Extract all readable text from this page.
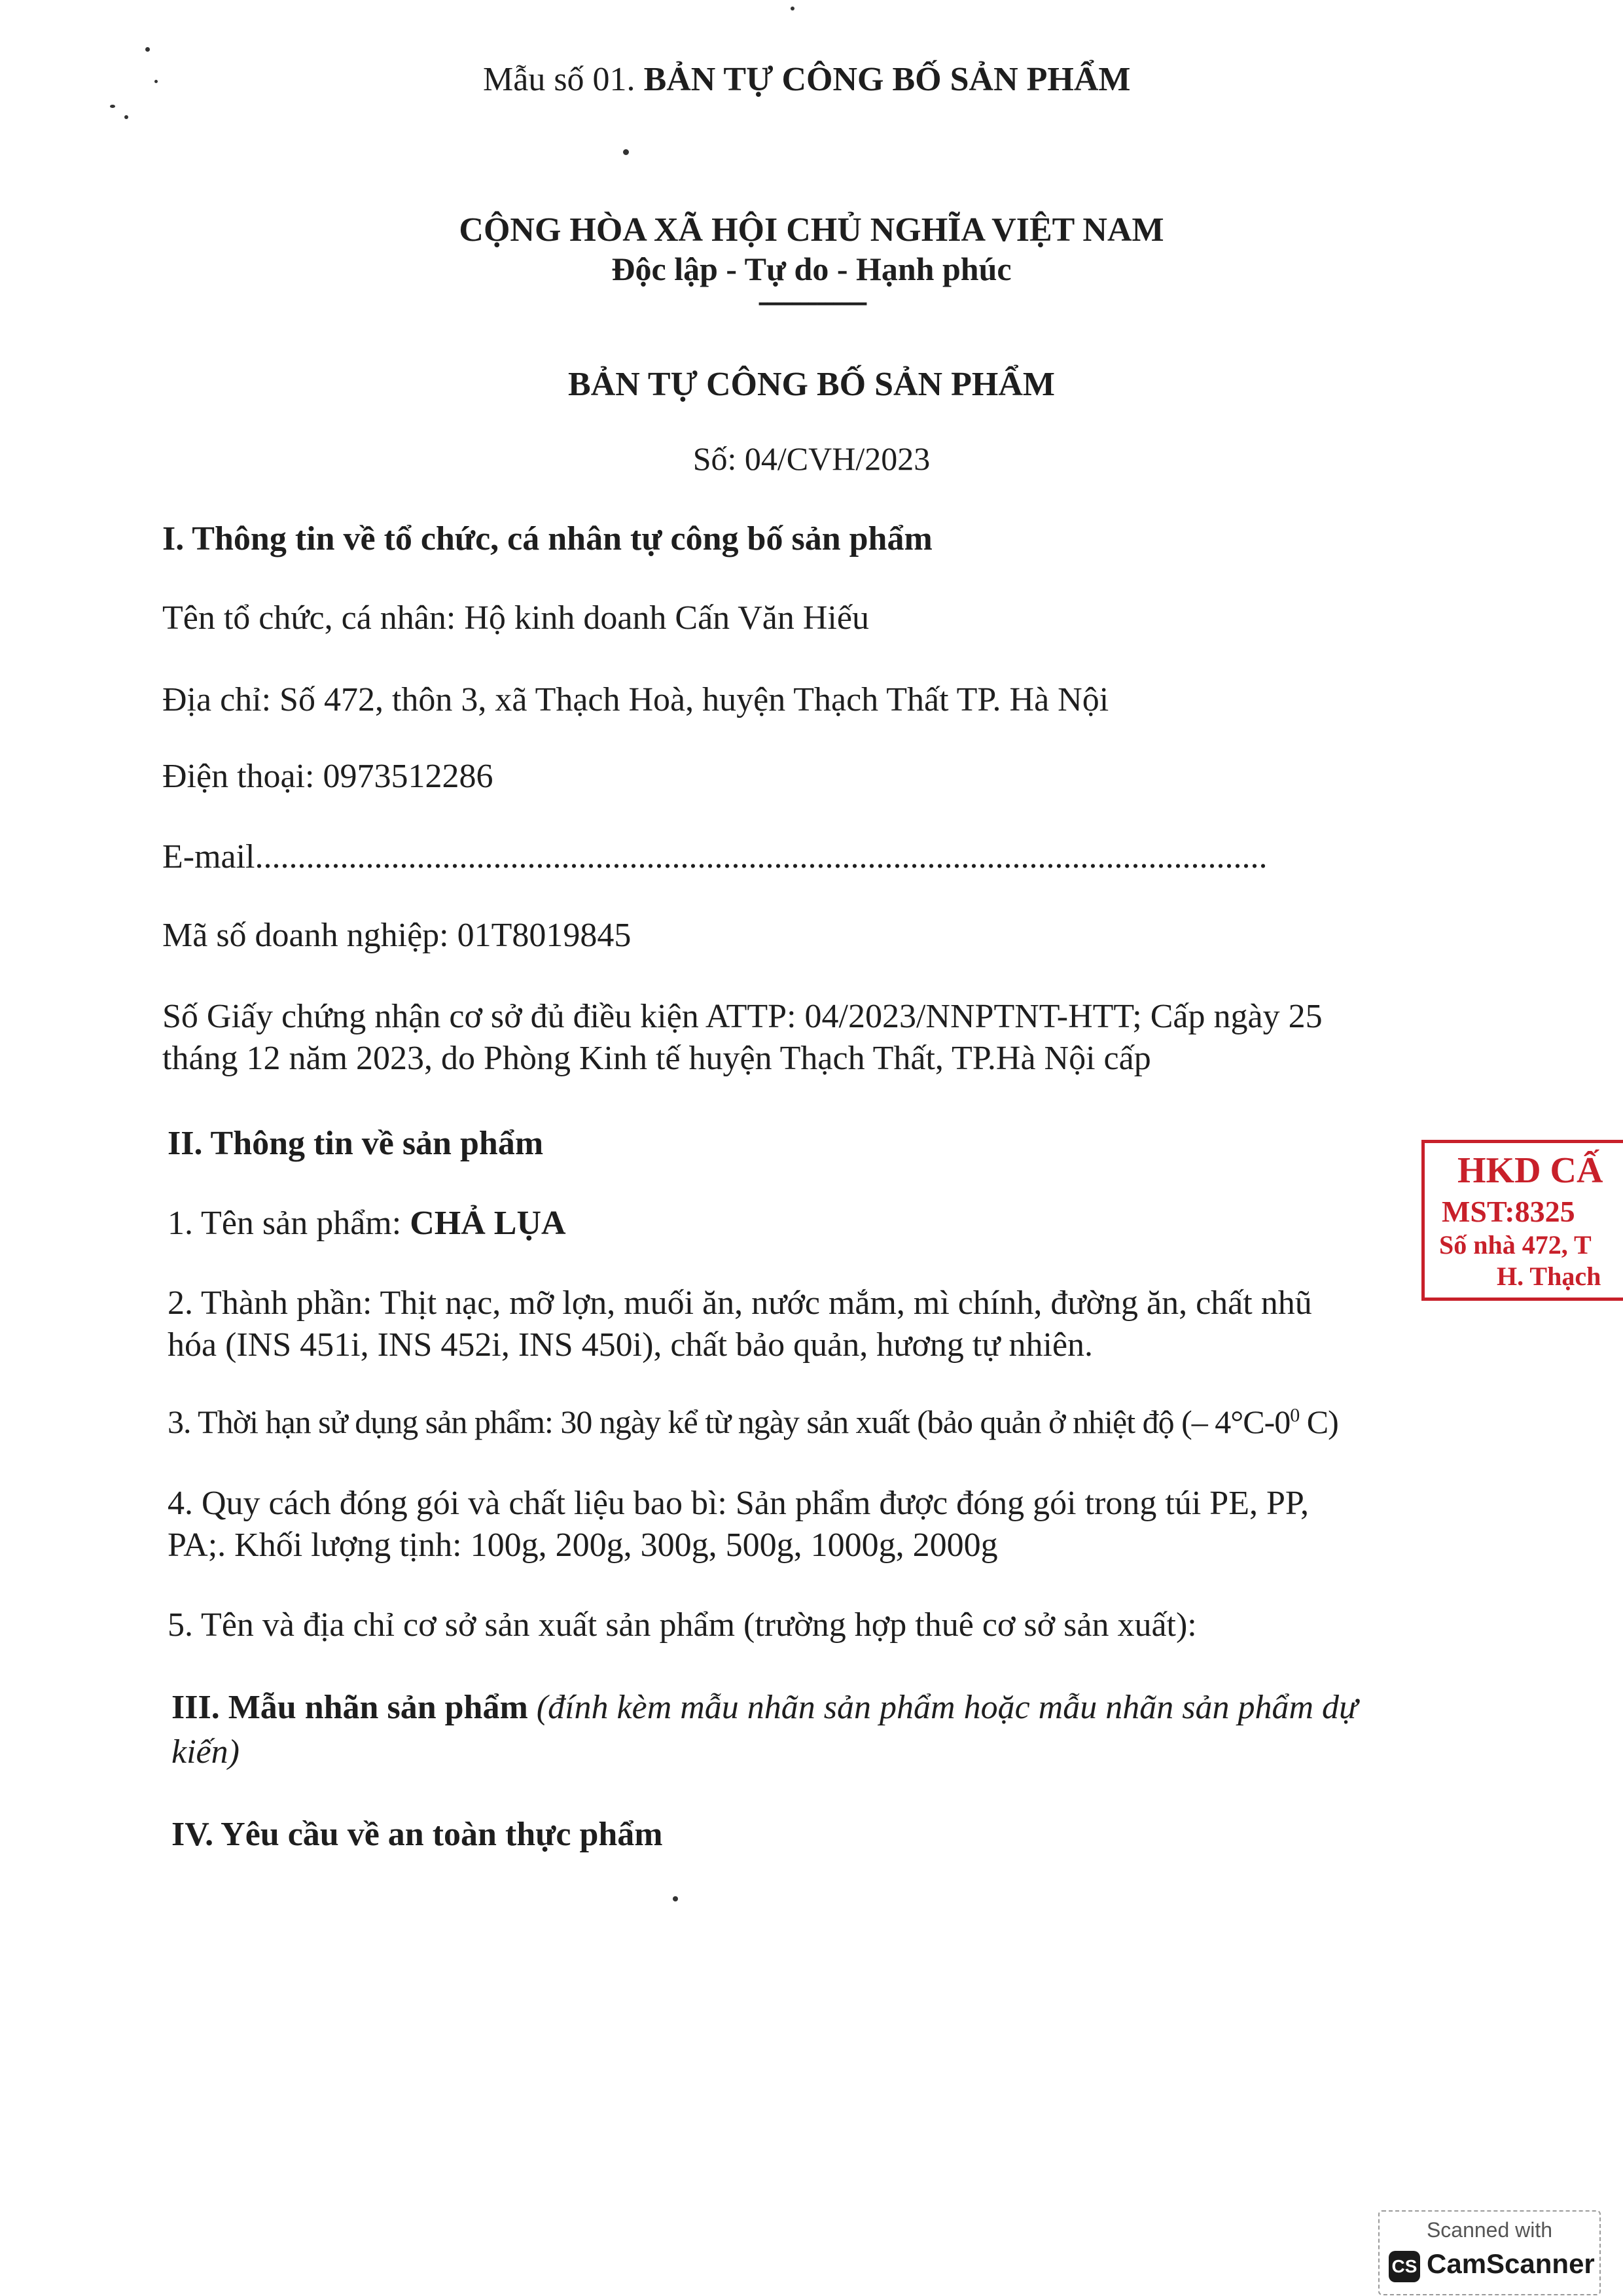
Mẫu số 01. BẢN TỰ CÔNG BỐ SẢN PHẨM
CỘNG HÒA XÃ HỘI CHỦ NGHĨA VIỆT NAM
Độc lập - Tự do - Hạnh phúc
-------------
BẢN TỰ CÔNG BỐ SẢN PHẨM
Số: 04/CVH/2023
I. Thông tin về tổ chức, cá nhân tự công bố sản phẩm
Tên tổ chức, cá nhân: Hộ kinh doanh Cấn Văn Hiếu
Địa chỉ: Số 472, thôn 3, xã Thạch Hoà, huyện Thạch Thất TP. Hà Nội
Điện thoại: 0973512286
E-mail.......................................................................................................................
Mã số doanh nghiệp: 01T8019845
Số Giấy chứng nhận cơ sở đủ điều kiện ATTP: 04/2023/NNPTNT-HTT; Cấp ngày 25
tháng 12 năm 2023, do Phòng Kinh tế huyện Thạch Thất, TP.Hà Nội cấp
II. Thông tin về sản phẩm
1. Tên sản phẩm: CHẢ LỤA
2. Thành phần: Thịt nạc, mỡ lợn, muối ăn, nước mắm, mì chính, đường ăn, chất nhũ
hóa (INS 451i, INS 452i, INS 450i), chất bảo quản, hương tự nhiên.
3. Thời hạn sử dụng sản phẩm: 30 ngày kể từ ngày sản xuất (bảo quản ở nhiệt độ (– $4^\circ C-0^0$ C)
4. Quy cách đóng gói và chất liệu bao bì: Sản phẩm được đóng gói trong túi PE, PP,
PA;. Khối lượng tịnh: 100g, 200g, 300g, 500g, 1000g, 2000g
5. Tên và địa chỉ cơ sở sản xuất sản phẩm (trường hợp thuê cơ sở sản xuất):
III. Mẫu nhãn sản phẩm (đính kèm mẫu nhãn sản phẩm hoặc mẫu nhãn sản phẩm dự
kiến)
IV. Yêu cầu về an toàn thực phẩm
HKD CẤ
MST:8325
Số nhà 472, T
H. Thạch
Scanned with
CS CamScanner
